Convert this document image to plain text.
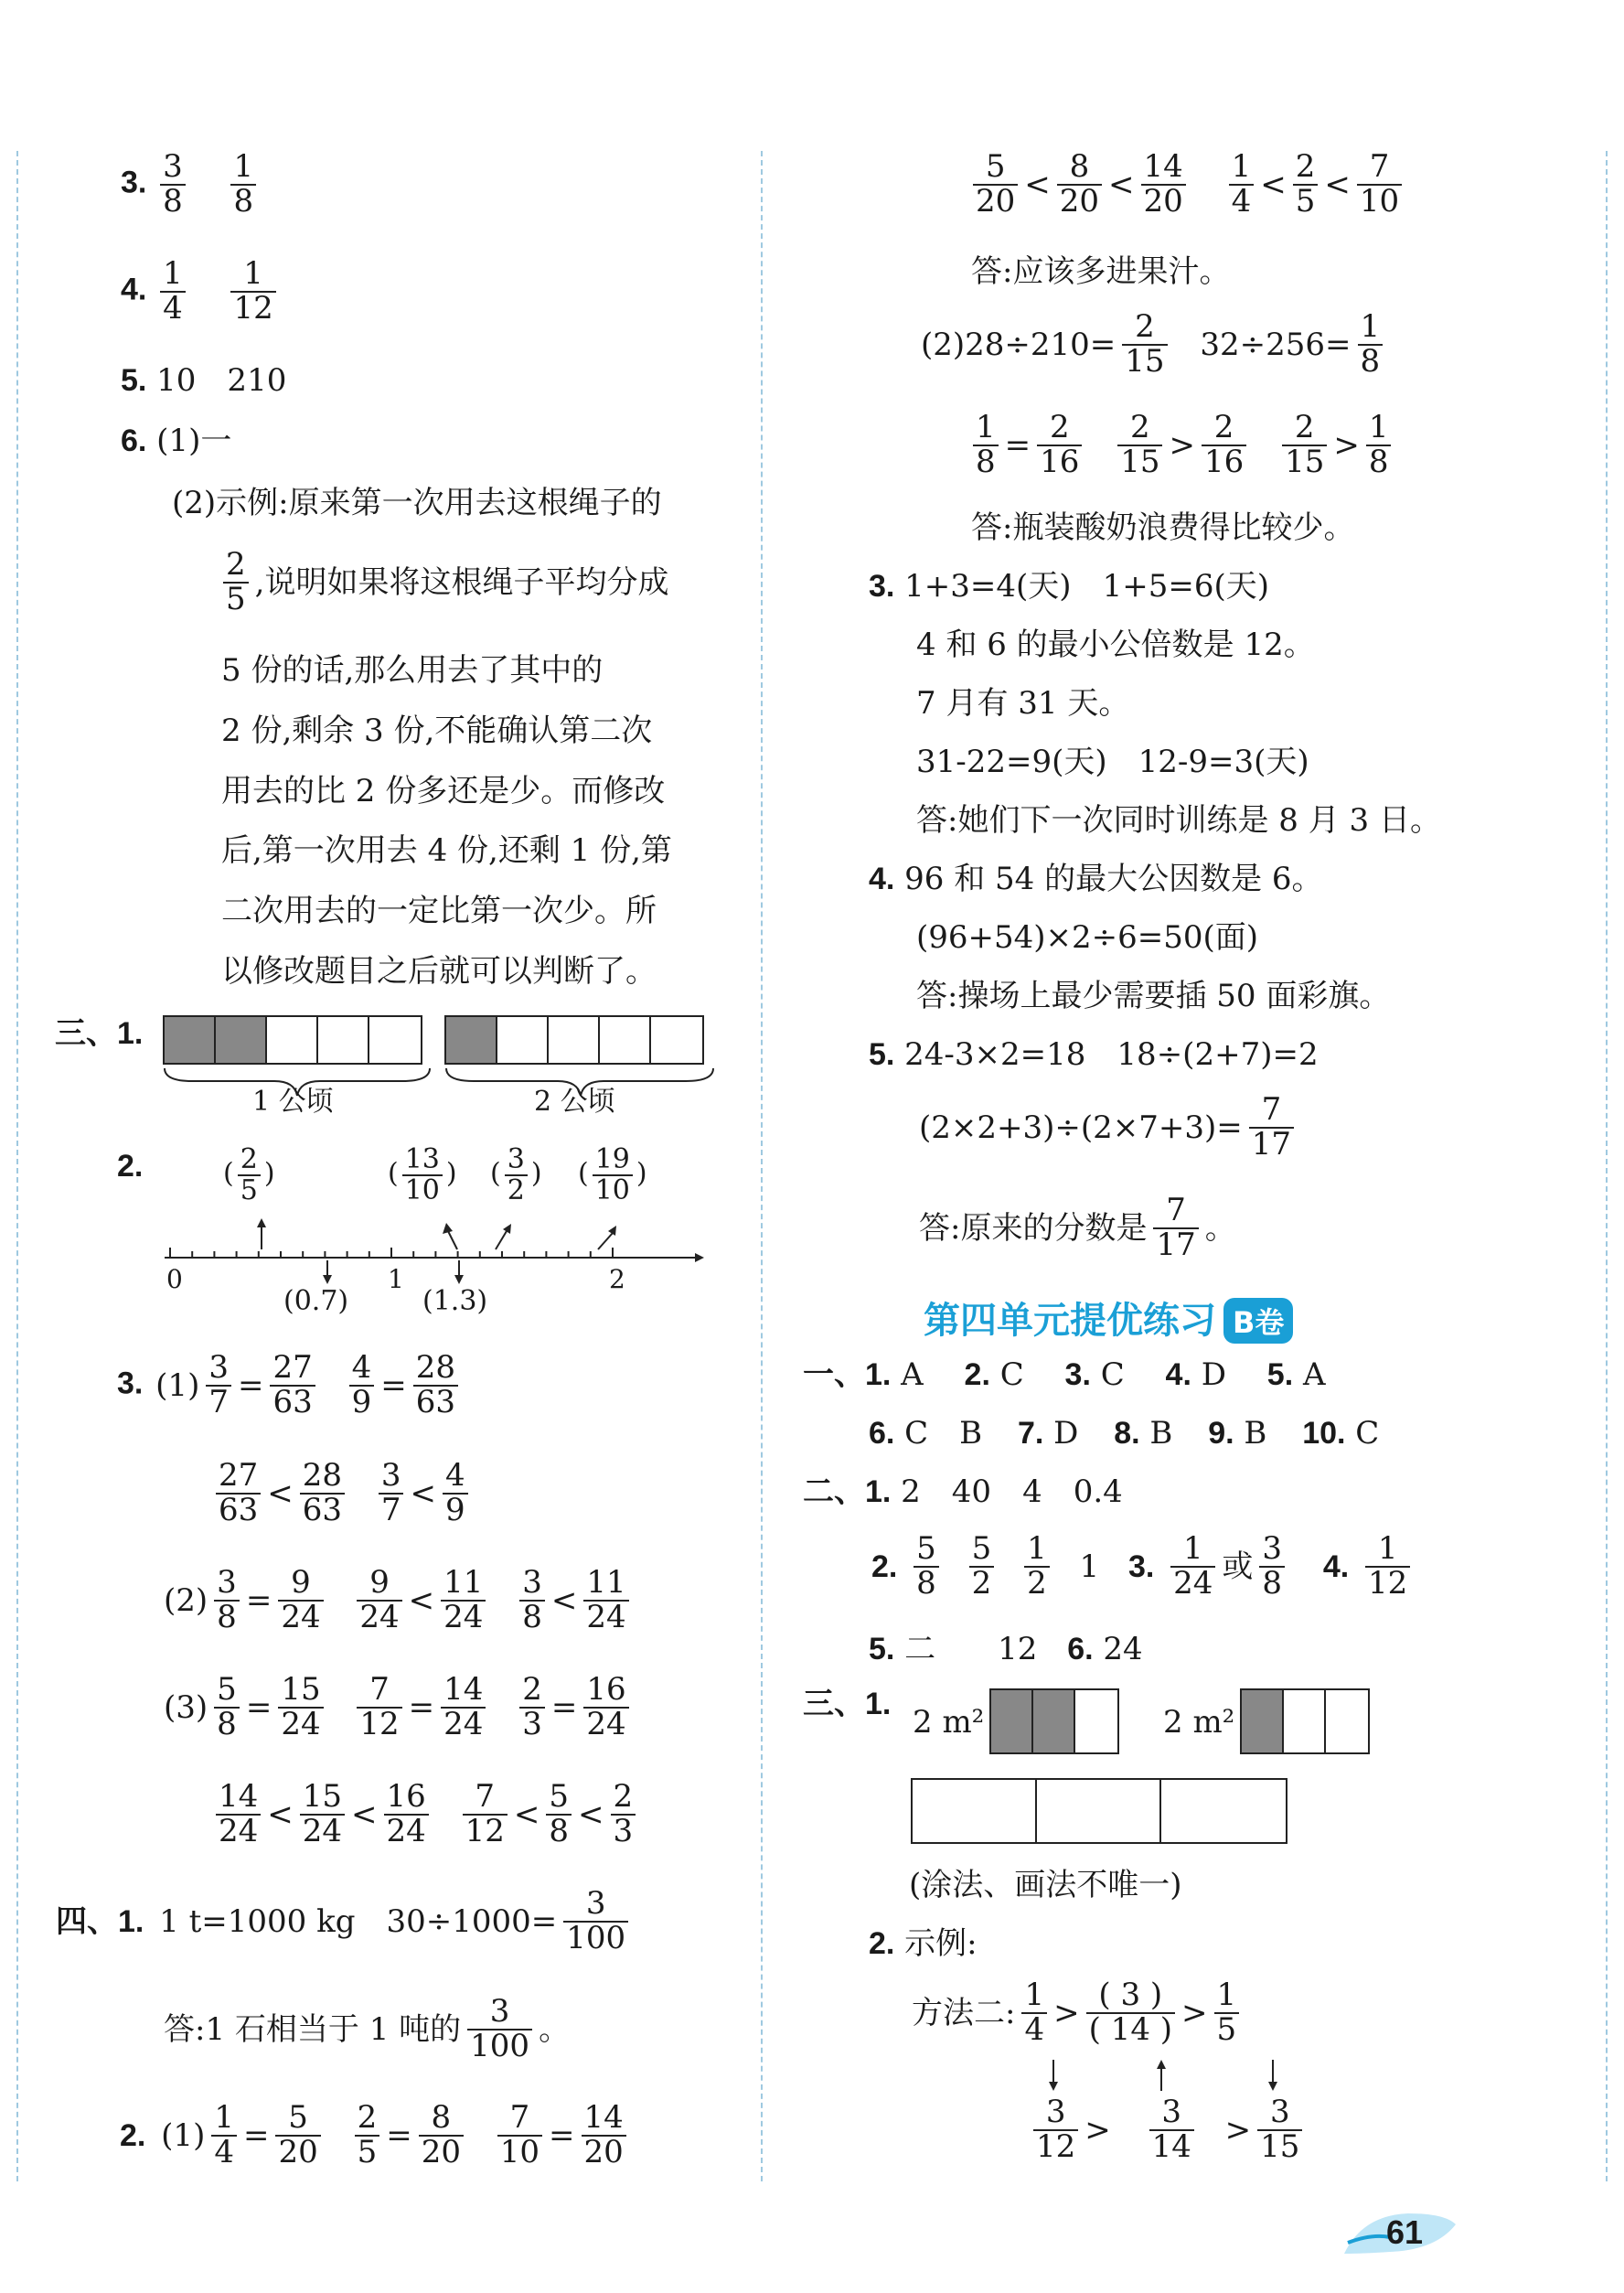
3. $\frac{3}{8}$
$\frac{1}{8}$
4. $\frac{1}{4}$
$\frac{1}{12}$
5. 10　210
6. (1)一
(2)示例:原来第一次用去这根绳子的
$\frac{2}{5}$ ,说明如果将这根绳子平均分成
5 份的话,那么用去了其中的
2 份,剩余 3 份,不能确认第二次
用去的比 2 份多还是少。而修改
后,第一次用去 4 份,还剩 1 份,第
二次用去的一定比第一次少。所
以修改题目之后就可以判断了。
三、1.
1 公顷	2 公顷
2.	( $\frac{2}{5}$ )	( $\frac{13}{10}$ ) ( $\frac{3}{2}$ ) ( $\frac{19}{10}$ )
0	1	2
(0.7)	(1.3)
3. $(1) \frac{3}{7} = \frac{27}{63}$
$\frac{4}{9} = \frac{28}{63}$
$\frac{27}{63} < \frac{28}{63}$
$\frac{3}{7} < \frac{4}{9}$
$(2) \frac{3}{8} = \frac{9}{24}$
$\frac{9}{24} < \frac{11}{24}$
$\frac{3}{8} < \frac{11}{24}$
$(3) \frac{5}{8} = \frac{15}{24}$
$\frac{7}{12} = \frac{14}{24}$
$\frac{2}{3} = \frac{16}{24}$
$\frac{14}{24} < \frac{15}{24} < \frac{16}{24}$
$\frac{7}{12} < \frac{5}{8} < \frac{2}{3}$
四、1. 1 t=1000 kg　$30\div 1000= \frac{3}{100}$
答:1 石相当于 1 吨的 $\frac{3}{100}$ 。
2. $(1) \frac{1}{4} = \frac{5}{20}$
$\frac{2}{5} = \frac{8}{20}$
$\frac{7}{10} = \frac{14}{20}$
$\frac{5}{20} < \frac{8}{20} < \frac{14}{20}$
$\frac{1}{4} < \frac{2}{5} < \frac{7}{10}$
答:应该多进果汁。
$(2)28\div 210= \frac{2}{15} 32\div 256= \frac{1}{8}$
$\frac{1}{8} = \frac{2}{16}$
$\frac{2}{15} > \frac{2}{16}$
$\frac{2}{15} > \frac{1}{8}$
答:瓶装酸奶浪费得比较少。
3. 1+3=4(天)　1+5=6(天)
4 和 6 的最小公倍数是 12。
7 月有 31 天。
31-22=9(天)　12-9=3(天)
答:她们下一次同时训练是 8 月 3 日。
4. 96 和 54 的最大公因数是 6。
(96+54)×2÷6=50(面)
答:操场上最少需要插 50 面彩旗。
5. 24-3×2=18　18÷(2+7)=2
$(2\times 2+3)\div(2\times 7+3)= \frac{7}{17}$
答:原来的分数是 $\frac{7}{17}$ 。
第四单元提优练习 B卷
一、1. A 2. C 3. C 4. D 5. A
6. C　B 7. D 8. B 9. B 10. C
二、1. 2　40　4　0.4
2. $\frac{5}{8}$
$\frac{5}{2}$
$\frac{1}{2} 1$ 3. $\frac{1}{24}$ 或 $\frac{3}{8} 4$. $\frac{1}{12}$
5. 二　　12 6. 24
三、1. 2 m²	2 m²
(涂法、画法不唯一)
2. 示例:
方法二: $\frac{1}{4} > \frac{( 3 )}{( 14 )} > \frac{1}{5}$
$\frac{3}{12} > \frac{3}{14} > \frac{3}{15}$
61
